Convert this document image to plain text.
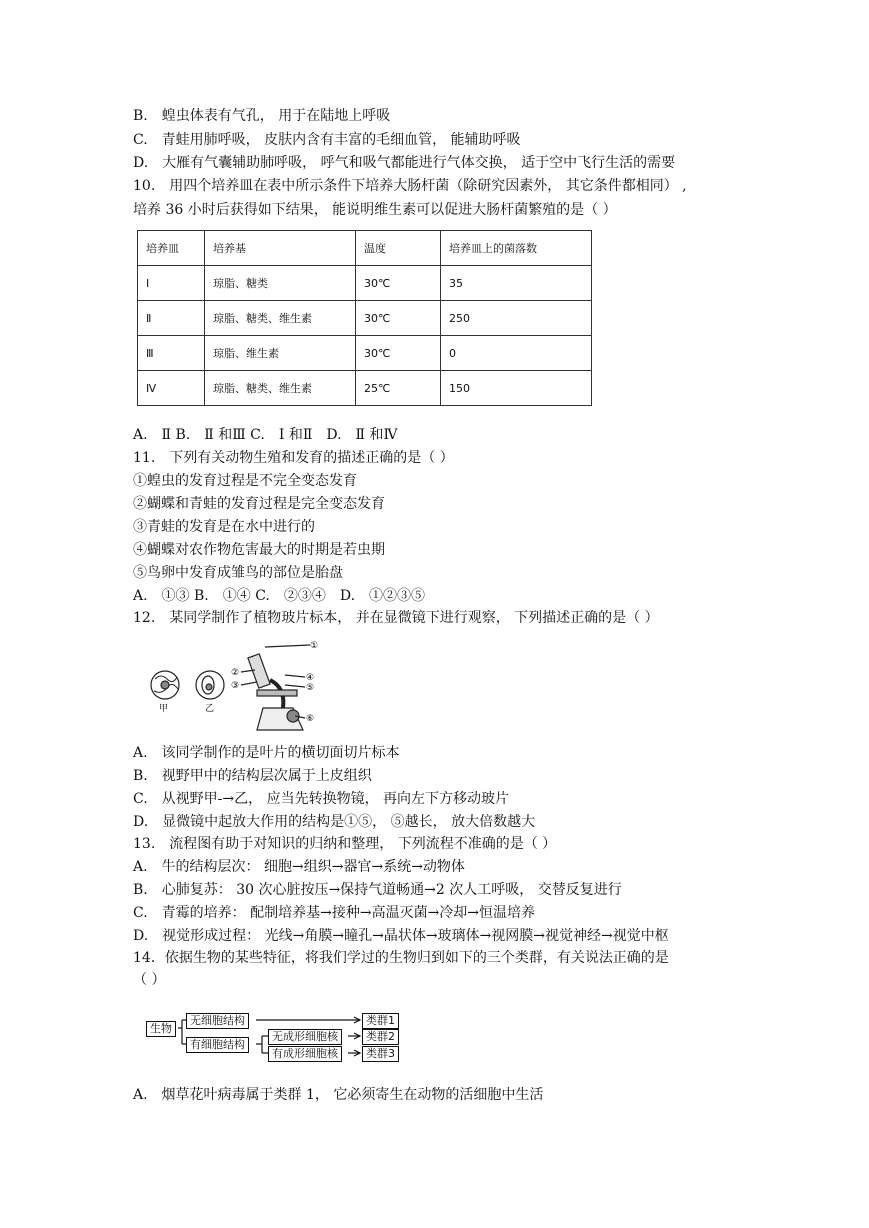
B.　蝗虫体表有气孔， 用于在陆地上呼吸
C.　青蛙用肺呼吸， 皮肤内含有丰富的毛细血管， 能辅助呼吸
D.　大雁有气囊辅助肺呼吸， 呼气和吸气都能进行气体交换， 适于空中飞行生活的需要
10.　用四个培养皿在表中所示条件下培养大肠杆菌（除研究因素外， 其它条件都相同） ,
培养 36 小时后获得如下结果， 能说明维生素可以促进大肠杆菌繁殖的是（ ）
培养皿	培养基	温度	培养皿上的菌落数
Ⅰ	琼脂、糖类	30℃	35
Ⅱ	琼脂、糖类、维生素	30℃	250
Ⅲ	琼脂、维生素	30℃	0
Ⅳ	琼脂、糖类、维生素	25℃	150
A.　Ⅱ B.　Ⅱ 和Ⅲ C.　Ⅰ 和Ⅱ　D.　Ⅱ 和Ⅳ
11.　下列有关动物生殖和发育的描述正确的是（ ）
①蝗虫的发育过程是不完全变态发育
②蝴蝶和青蛙的发育过程是完全变态发育
③青蛙的发育是在水中进行的
④蝴蝶对农作物危害最大的时期是若虫期
⑤鸟卵中发育成雏鸟的部位是胎盘
A.　①③ B.　①④ C.　②③④　D.　①②③⑤
12.　某同学制作了植物玻片标本， 并在显微镜下进行观察， 下列描述正确的是（ ）
甲	乙
①
②
③
④
⑤
⑥
A.　该同学制作的是叶片的横切面切片标本
B.　视野甲中的结构层次属于上皮组织
C.　从视野甲-→乙， 应当先转换物镜， 再向左下方移动玻片
D.　显微镜中起放大作用的结构是①⑤， ⑤越长， 放大倍数越大
13.　流程图有助于对知识的归纳和整理， 下列流程不准确的是（ ）
A.　牛的结构层次： 细胞→组织→器官→系统→动物体
B.　心肺复苏： 30 次心脏按压→保持气道畅通→2 次人工呼吸， 交替反复进行
C.　青霉的培养： 配制培养基→接种→高温灭菌→冷却→恒温培养
D.　视觉形成过程： 光线→角膜→瞳孔→晶状体→玻璃体→视网膜→视觉神经→视觉中枢
14．依据生物的某些特征，将我们学过的生物归到如下的三个类群，有关说法正确的是
（ ）
生物
无细胞结构
有细胞结构
无成形细胞核
有成形细胞核
类群1
类群2
类群3
A.　烟草花叶病毒属于类群 1， 它必须寄生在动物的活细胞中生活
